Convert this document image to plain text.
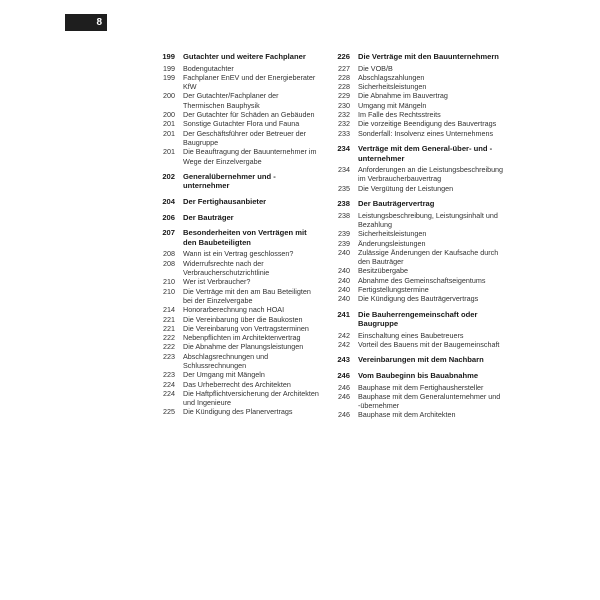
8
199	Gutachter und weitere Fachplaner
199	Bodengutachter
199	Fachplaner EnEV und der Energieberater KfW
200	Der Gutachter/Fachplaner der Thermischen Bauphysik
200	Der Gutachter für Schäden an Gebäuden
201	Sonstige Gutachter Flora und Fauna
201	Der Geschäftsführer oder Betreuer der Baugruppe
201	Die Beauftragung der Bauunternehmer im Wege der Einzelvergabe
202	Generalübernehmer und -unternehmer
204	Der Fertighausanbieter
206	Der Bauträger
207	Besonderheiten von Verträgen mit den Baubeteiligten
208	Wann ist ein Vertrag geschlossen?
208	Widerrufsrechte nach der Verbraucherschutzrichtlinie
210	Wer ist Verbraucher?
210	Die Verträge mit den am Bau Beteiligten bei der Einzelvergabe
214	Honorarberechnung nach HOAI
221	Die Vereinbarung über die Baukosten
221	Die Vereinbarung von Vertragsterminen
222	Nebenpflichten im Architektenvertrag
222	Die Abnahme der Planungsleistungen
223	Abschlagsrechnungen und Schlussrechnungen
223	Der Umgang mit Mängeln
224	Das Urheberrecht des Architekten
224	Die Haftpflichtversicherung der Architekten und Ingenieure
225	Die Kündigung des Planervertrags
226	Die Verträge mit den Bauunternehmern
227	Die VOB/B
228	Abschlagszahlungen
228	Sicherheitsleistungen
229	Die Abnahme im Bauvertrag
230	Umgang mit Mängeln
232	Im Falle des Rechtsstreits
232	Die vorzeitige Beendigung des Bauvertrags
233	Sonderfall: Insolvenz eines Unternehmens
234	Verträge mit dem General-über- und -unternehmer
234	Anforderungen an die Leistungsbeschreibung im Verbraucherbauvertrag
235	Die Vergütung der Leistungen
238	Der Bauträgervertrag
238	Leistungsbeschreibung, Leistungsinhalt und Bezahlung
239	Sicherheitsleistungen
239	Änderungsleistungen
240	Zulässige Änderungen der Kaufsache durch den Bauträger
240	Besitzübergabe
240	Abnahme des Gemeinschaftseigentums
240	Fertigstellungstermine
240	Die Kündigung des Bauträgervertrags
241	Die Bauherrengemeinschaft oder Baugruppe
242	Einschaltung eines Baubetreuers
242	Vorteil des Bauens mit der Baugemeinschaft
243	Vereinbarungen mit dem Nachbarn
246	Vom Baubeginn bis Bauabnahme
246	Bauphase mit dem Fertighaushersteller
246	Bauphase mit dem Generalunternehmer und -übernehmer
246	Bauphase mit dem Architekten
